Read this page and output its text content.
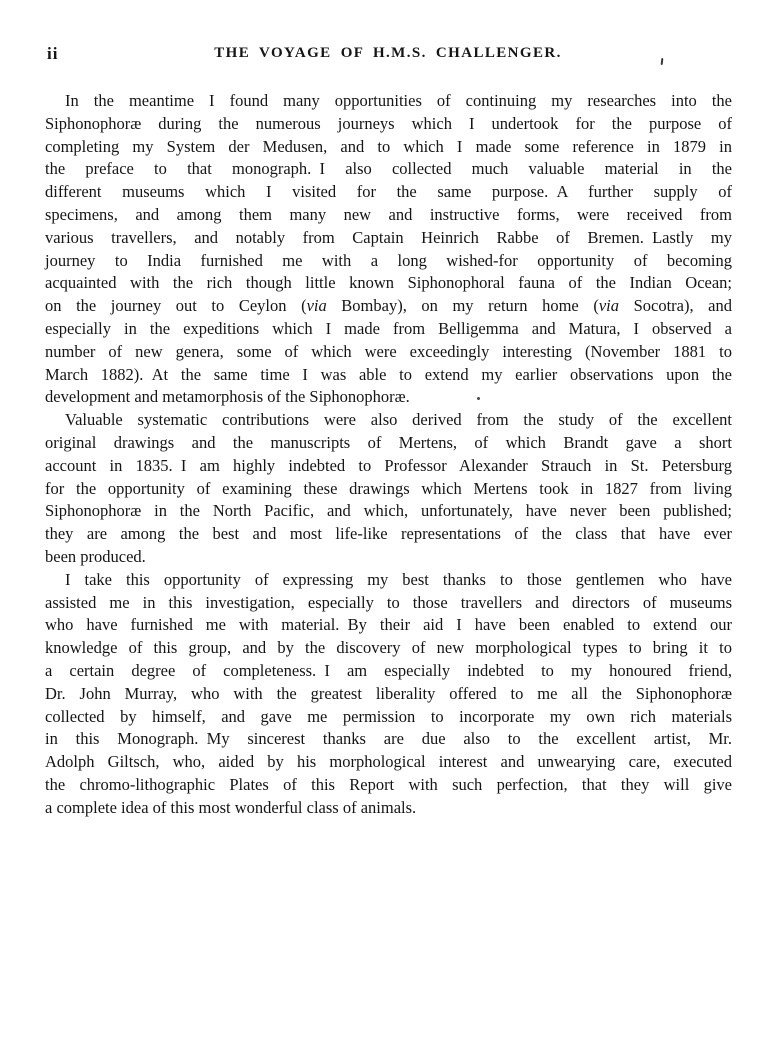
ii	THE VOYAGE OF H.M.S. CHALLENGER.
In the meantime I found many opportunities of continuing my researches into the
Siphonophoræ during the numerous journeys which I undertook for the purpose of
completing my System der Medusen, and to which I made some reference in 1879 in
the preface to that monograph. I also collected much valuable material in the
different museums which I visited for the same purpose. A further supply of
specimens, and among them many new and instructive forms, were received from
various travellers, and notably from Captain Heinrich Rabbe of Bremen. Lastly my
journey to India furnished me with a long wished-for opportunity of becoming
acquainted with the rich though little known Siphonophoral fauna of the Indian Ocean;
on the journey out to Ceylon (via Bombay), on my return home (via Socotra), and
especially in the expeditions which I made from Belligemma and Matura, I observed a
number of new genera, some of which were exceedingly interesting (November 1881 to
March 1882). At the same time I was able to extend my earlier observations upon the
development and metamorphosis of the Siphonophoræ.
Valuable systematic contributions were also derived from the study of the excellent
original drawings and the manuscripts of Mertens, of which Brandt gave a short
account in 1835. I am highly indebted to Professor Alexander Strauch in St. Petersburg
for the opportunity of examining these drawings which Mertens took in 1827 from living
Siphonophoræ in the North Pacific, and which, unfortunately, have never been published;
they are among the best and most life-like representations of the class that have ever
been produced.
I take this opportunity of expressing my best thanks to those gentlemen who have
assisted me in this investigation, especially to those travellers and directors of museums
who have furnished me with material. By their aid I have been enabled to extend our
knowledge of this group, and by the discovery of new morphological types to bring it to
a certain degree of completeness. I am especially indebted to my honoured friend,
Dr. John Murray, who with the greatest liberality offered to me all the Siphonophoræ
collected by himself, and gave me permission to incorporate my own rich materials
in this Monograph. My sincerest thanks are due also to the excellent artist, Mr.
Adolph Giltsch, who, aided by his morphological interest and unwearying care, executed
the chromo-lithographic Plates of this Report with such perfection, that they will give
a complete idea of this most wonderful class of animals.
